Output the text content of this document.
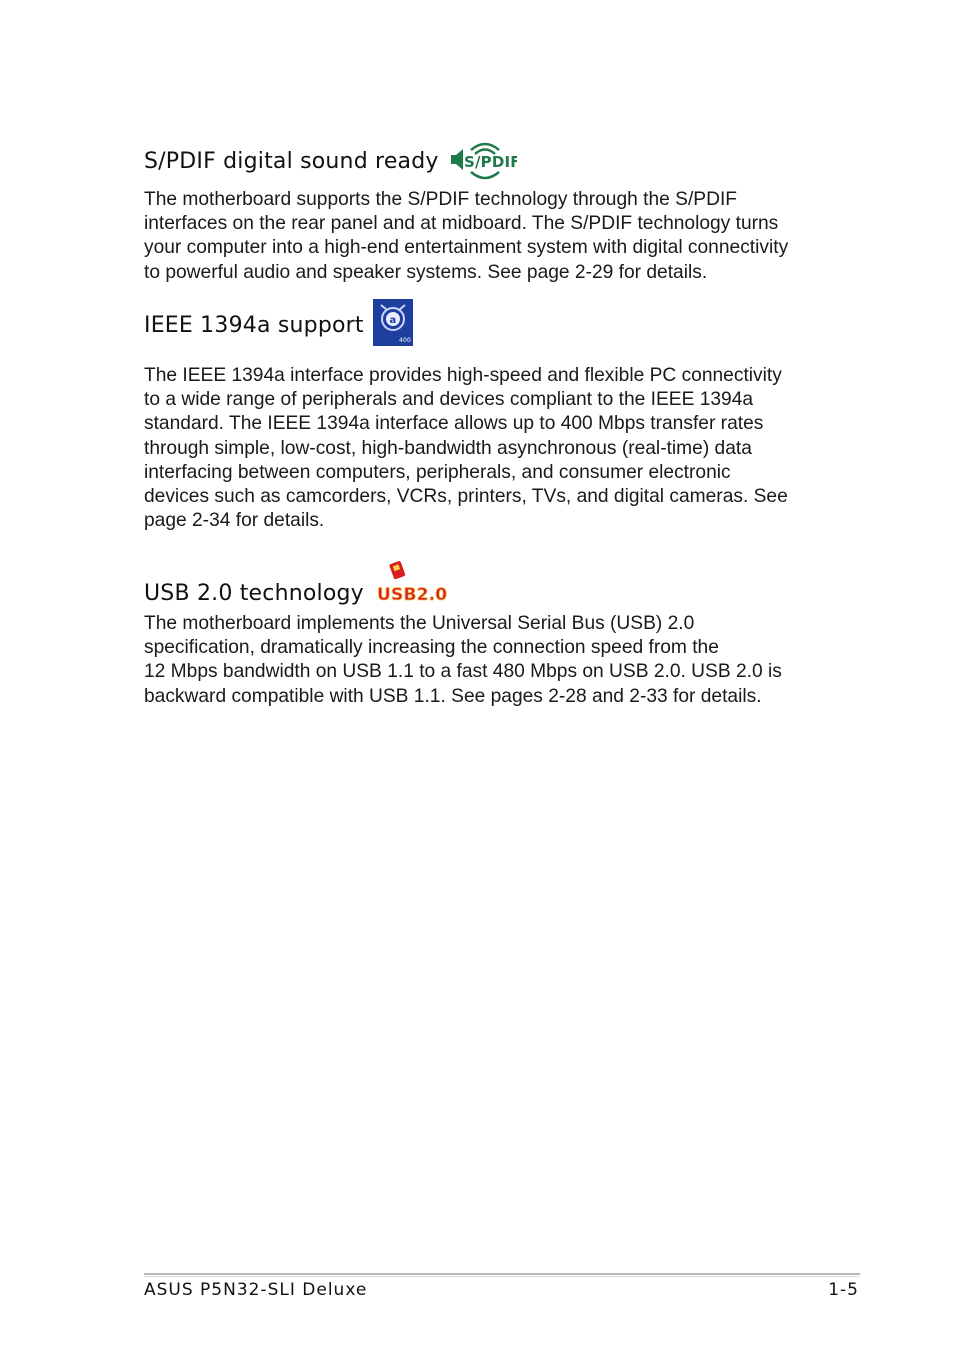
S/PDIF digital sound ready S/PDIF
The motherboard supports the S/PDIF technology through the S/PDIF
interfaces on the rear panel and at midboard. The S/PDIF technology turns
your computer into a high-end entertainment system with digital connectivity
to powerful audio and speaker systems. See page 2-29 for details.
IEEE 1394a support	a
400
The IEEE 1394a interface provides high-speed and flexible PC connectivity
to a wide range of peripherals and devices compliant to the IEEE 1394a
standard. The IEEE 1394a interface allows up to 400 Mbps transfer rates
through simple, low-cost, high-bandwidth asynchronous (real-time) data
interfacing between computers, peripherals, and consumer electronic
devices such as camcorders, VCRs, printers, TVs, and digital cameras. See
page 2-34 for details.
USB 2.0 technology USB2.0
The motherboard implements the Universal Serial Bus (USB) 2.0
specification, dramatically increasing the connection speed from the
12 Mbps bandwidth on USB 1.1 to a fast 480 Mbps on USB 2.0. USB 2.0 is
backward compatible with USB 1.1. See pages 2-28 and 2-33 for details.
ASUS P5N32-SLI Deluxe	1-5
